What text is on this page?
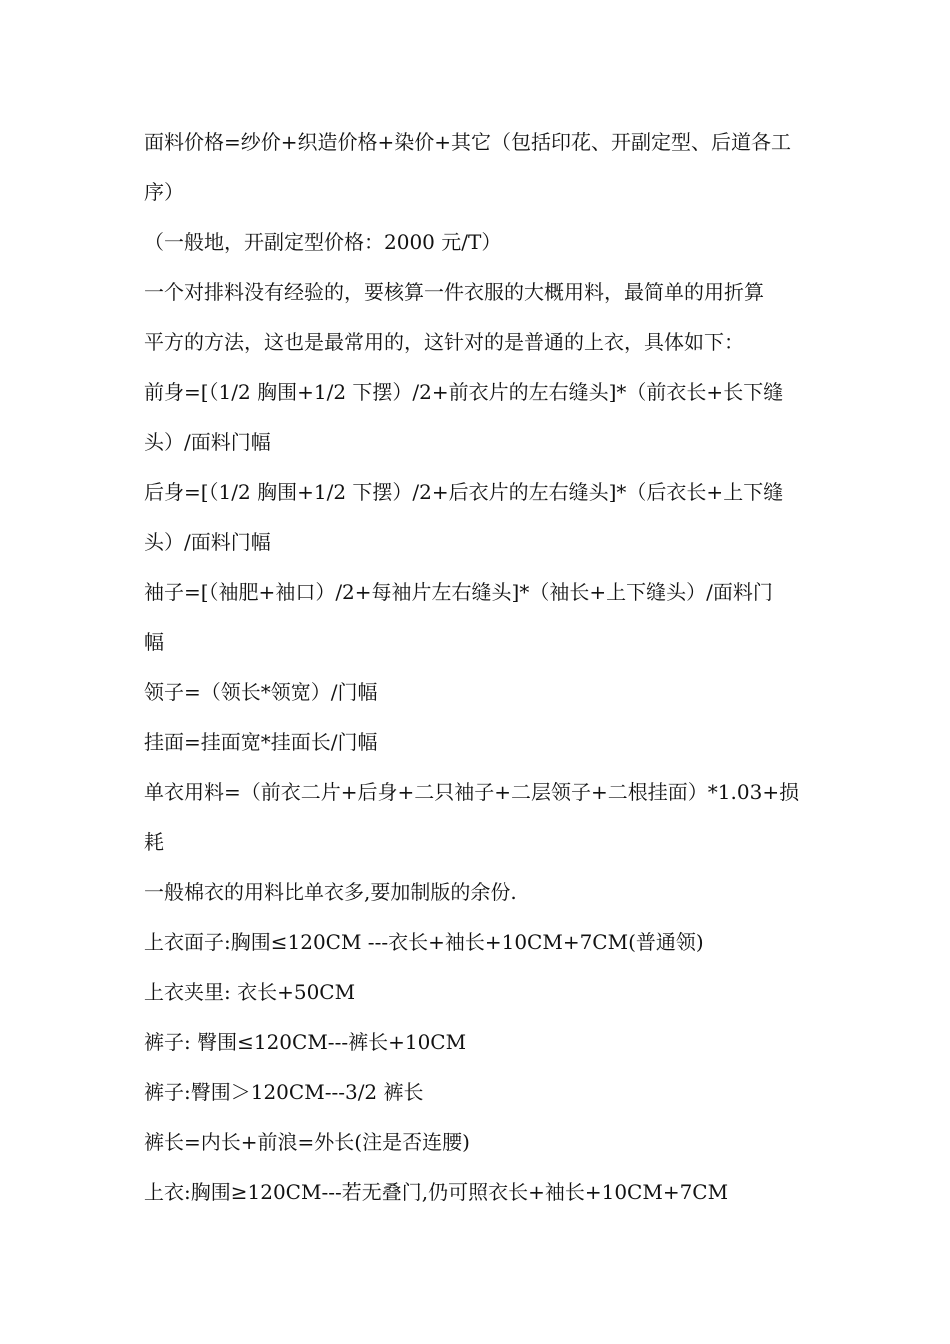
面料价格=纱价+织造价格+染价+其它（包括印花、开副定型、后道各工
序）
（一般地，开副定型价格：2000 元/T）
一个对排料没有经验的，要核算一件衣服的大概用料，最简单的用折算
平方的方法，这也是最常用的，这针对的是普通的上衣，具体如下：
前身=[（1/2 胸围+1/2 下摆）/2+前衣片的左右缝头]*（前衣长+长下缝
头）/面料门幅
后身=[（1/2 胸围+1/2 下摆）/2+后衣片的左右缝头]*（后衣长+上下缝
头）/面料门幅
袖子=[（袖肥+袖口）/2+每袖片左右缝头]*（袖长+上下缝头）/面料门
幅
领子=（领长*领宽）/门幅
挂面=挂面宽*挂面长/门幅
单衣用料=（前衣二片+后身+二只袖子+二层领子+二根挂面）*1.03+损
耗
一般棉衣的用料比单衣多,要加制版的余份.
上衣面子:胸围≤120CM ---衣长+袖长+10CM+7CM(普通领)
上衣夹里: 衣长+50CM
裤子: 臀围≤120CM---裤长+10CM
裤子:臀围＞120CM---3/2 裤长
裤长=内长+前浪=外长(注是否连腰)
上衣:胸围≥120CM---若无叠门,仍可照衣长+袖长+10CM+7CM
